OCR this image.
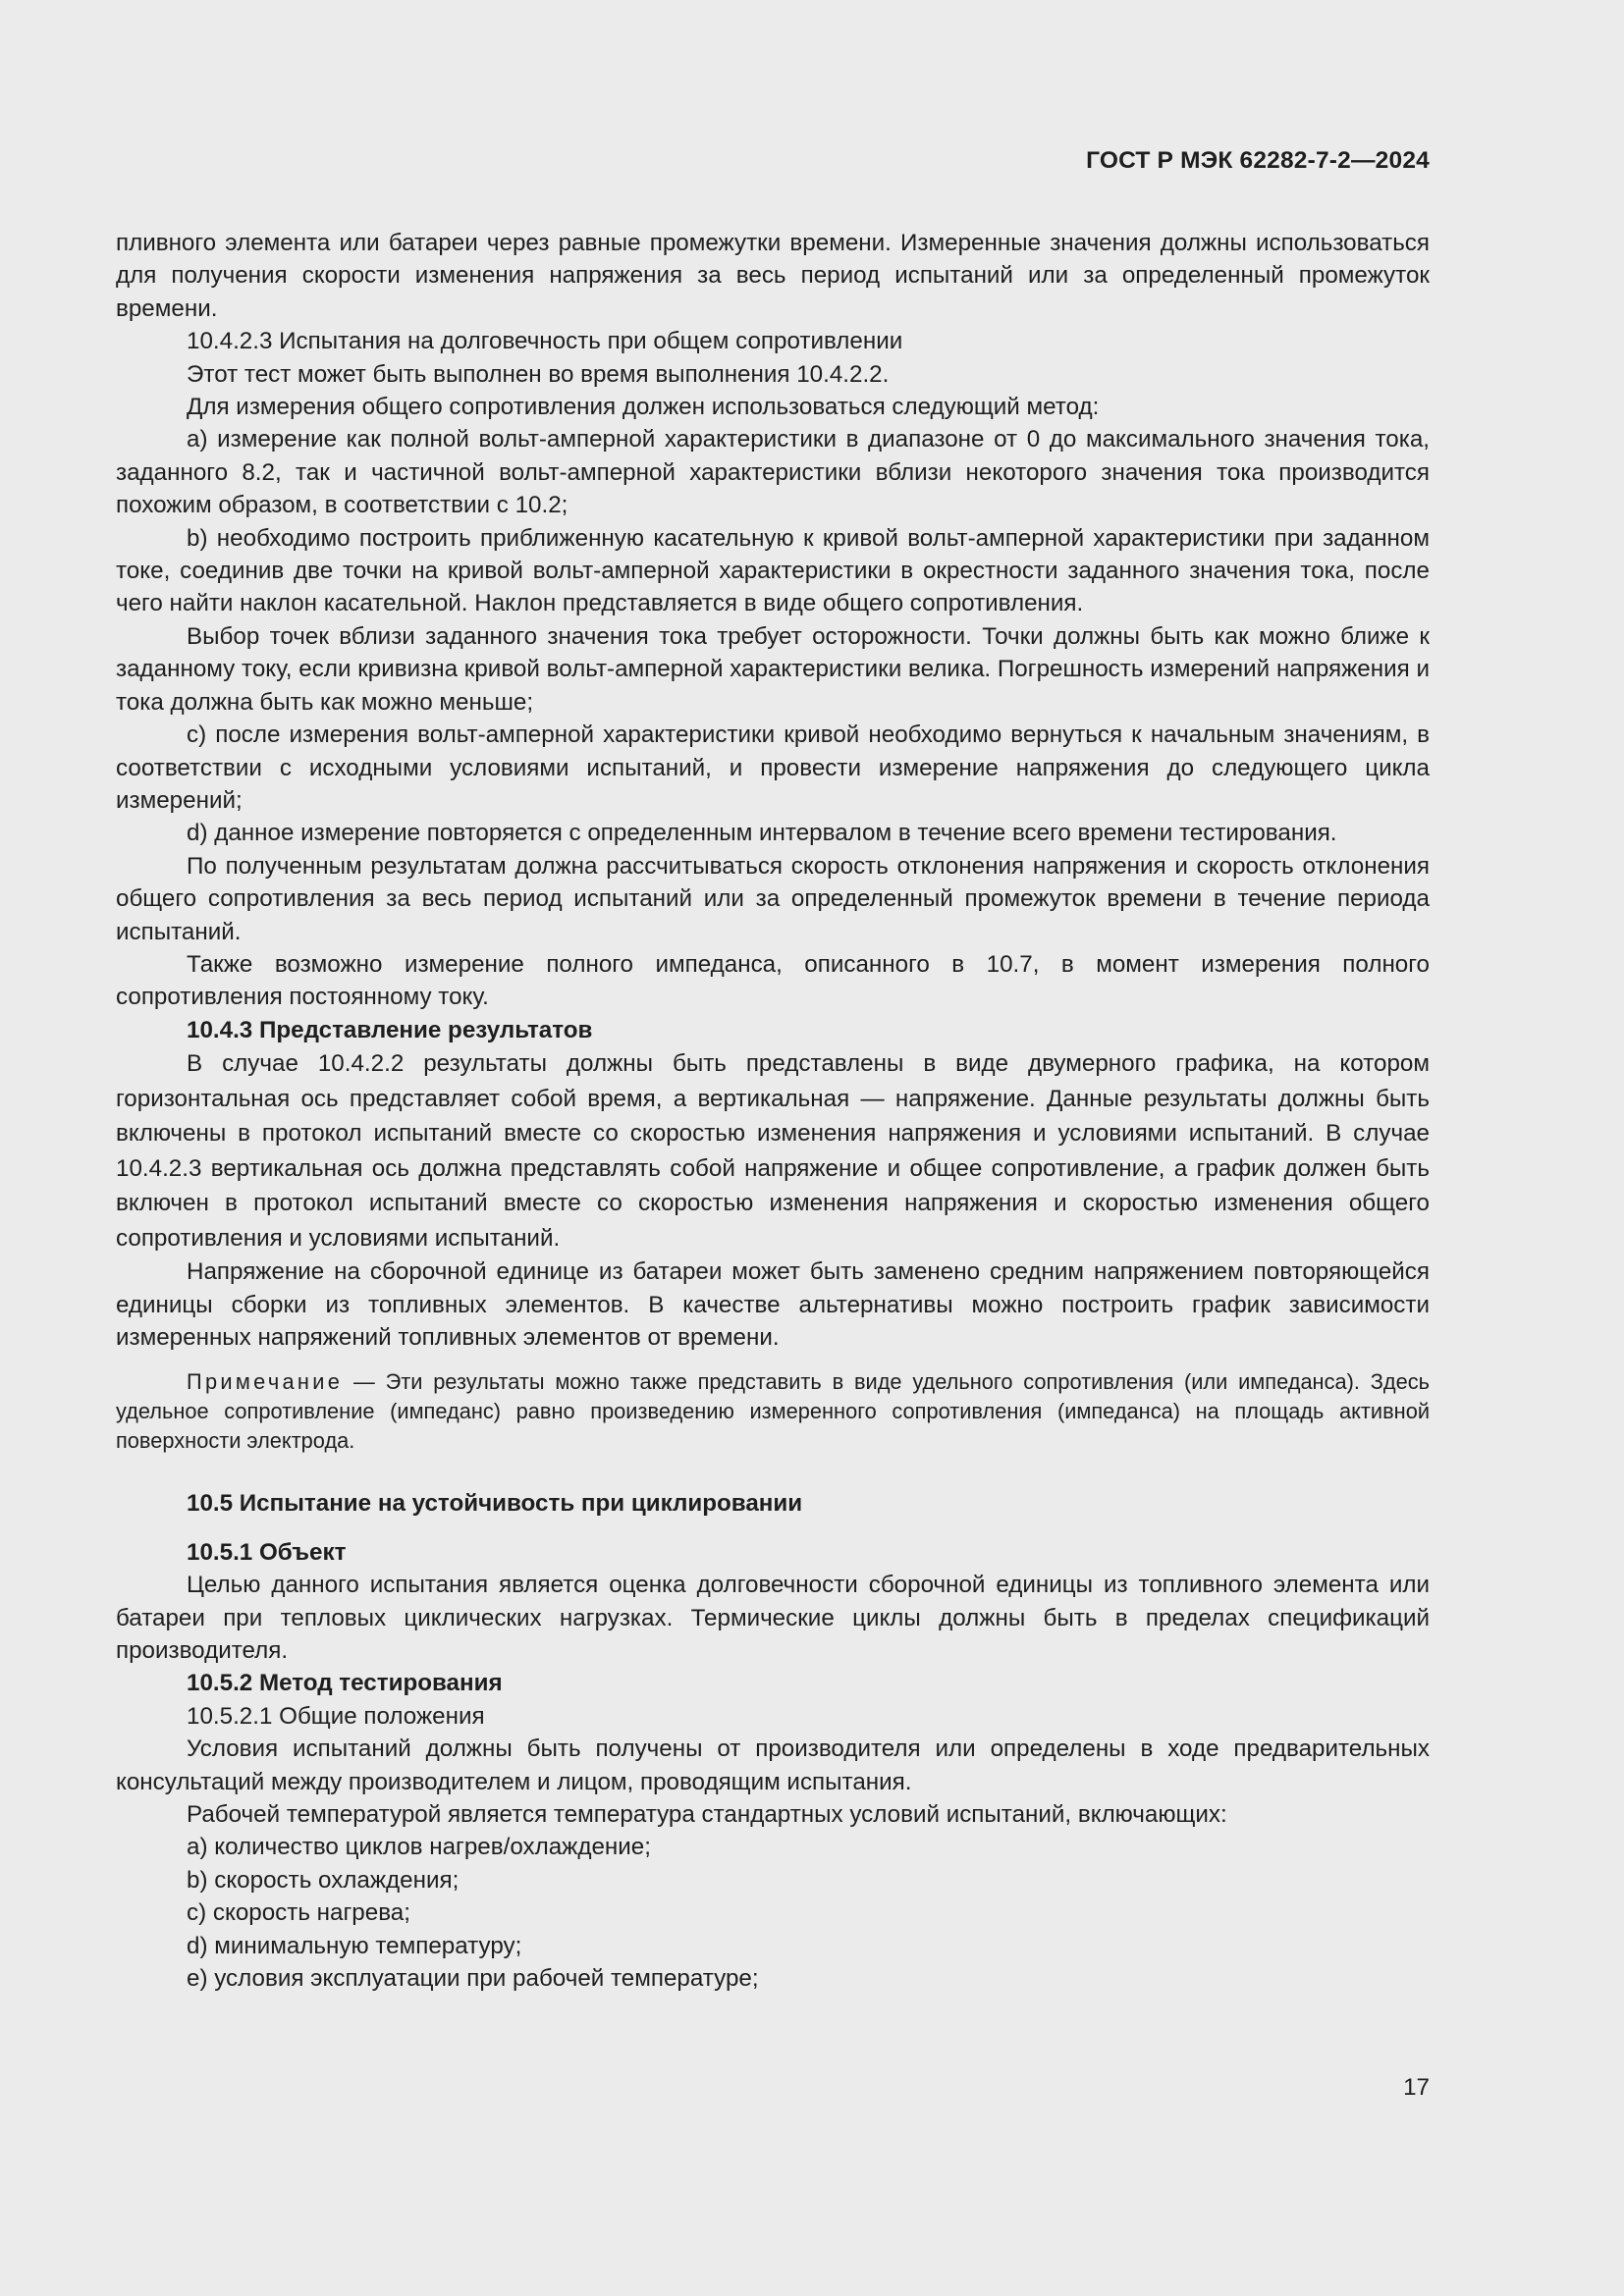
ГОСТ Р МЭК 62282-7-2—2024

пливного элемента или батареи через равные промежутки времени. Измеренные значения должны использоваться для получения скорости изменения напряжения за весь период испытаний или за определенный промежуток времени.

10.4.2.3 Испытания на долговечность при общем сопротивлении

Этот тест может быть выполнен во время выполнения 10.4.2.2.

Для измерения общего сопротивления должен использоваться следующий метод:

a) измерение как полной вольт-амперной характеристики в диапазоне от 0 до максимального значения тока, заданного 8.2, так и частичной вольт-амперной характеристики вблизи некоторого значения тока производится похожим образом, в соответствии с 10.2;

b) необходимо построить приближенную касательную к кривой вольт-амперной характеристики при заданном токе, соединив две точки на кривой вольт-амперной характеристики в окрестности заданного значения тока, после чего найти наклон касательной. Наклон представляется в виде общего сопротивления.

Выбор точек вблизи заданного значения тока требует осторожности. Точки должны быть как можно ближе к заданному току, если кривизна кривой вольт-амперной характеристики велика. Погрешность измерений напряжения и тока должна быть как можно меньше;

c) после измерения вольт-амперной характеристики кривой необходимо вернуться к начальным значениям, в соответствии с исходными условиями испытаний, и провести измерение напряжения до следующего цикла измерений;

d) данное измерение повторяется с определенным интервалом в течение всего времени тестирования.

По полученным результатам должна рассчитываться скорость отклонения напряжения и скорость отклонения общего сопротивления за весь период испытаний или за определенный промежуток времени в течение периода испытаний.

Также возможно измерение полного импеданса, описанного в 10.7, в момент измерения полного сопротивления постоянному току.

10.4.3 Представление результатов

В случае 10.4.2.2 результаты должны быть представлены в виде двумерного графика, на котором горизонтальная ось представляет собой время, а вертикальная — напряжение. Данные результаты должны быть включены в протокол испытаний вместе со скоростью изменения напряжения и условиями испытаний. В случае 10.4.2.3 вертикальная ось должна представлять собой напряжение и общее сопротивление, а график должен быть включен в протокол испытаний вместе со скоростью изменения напряжения и скоростью изменения общего сопротивления и условиями испытаний.

Напряжение на сборочной единице из батареи может быть заменено средним напряжением повторяющейся единицы сборки из топливных элементов. В качестве альтернативы можно построить график зависимости измеренных напряжений топливных элементов от времени.

Примечание — Эти результаты можно также представить в виде удельного сопротивления (или импеданса). Здесь удельное сопротивление (импеданс) равно произведению измеренного сопротивления (импеданса) на площадь активной поверхности электрода.

10.5 Испытание на устойчивость при циклировании

10.5.1 Объект

Целью данного испытания является оценка долговечности сборочной единицы из топливного элемента или батареи при тепловых циклических нагрузках. Термические циклы должны быть в пределах спецификаций производителя.

10.5.2 Метод тестирования

10.5.2.1 Общие положения

Условия испытаний должны быть получены от производителя или определены в ходе предварительных консультаций между производителем и лицом, проводящим испытания.

Рабочей температурой является температура стандартных условий испытаний, включающих:

a) количество циклов нагрев/охлаждение;

b) скорость охлаждения;

c) скорость нагрева;

d) минимальную температуру;

e) условия эксплуатации при рабочей температуре;

17
